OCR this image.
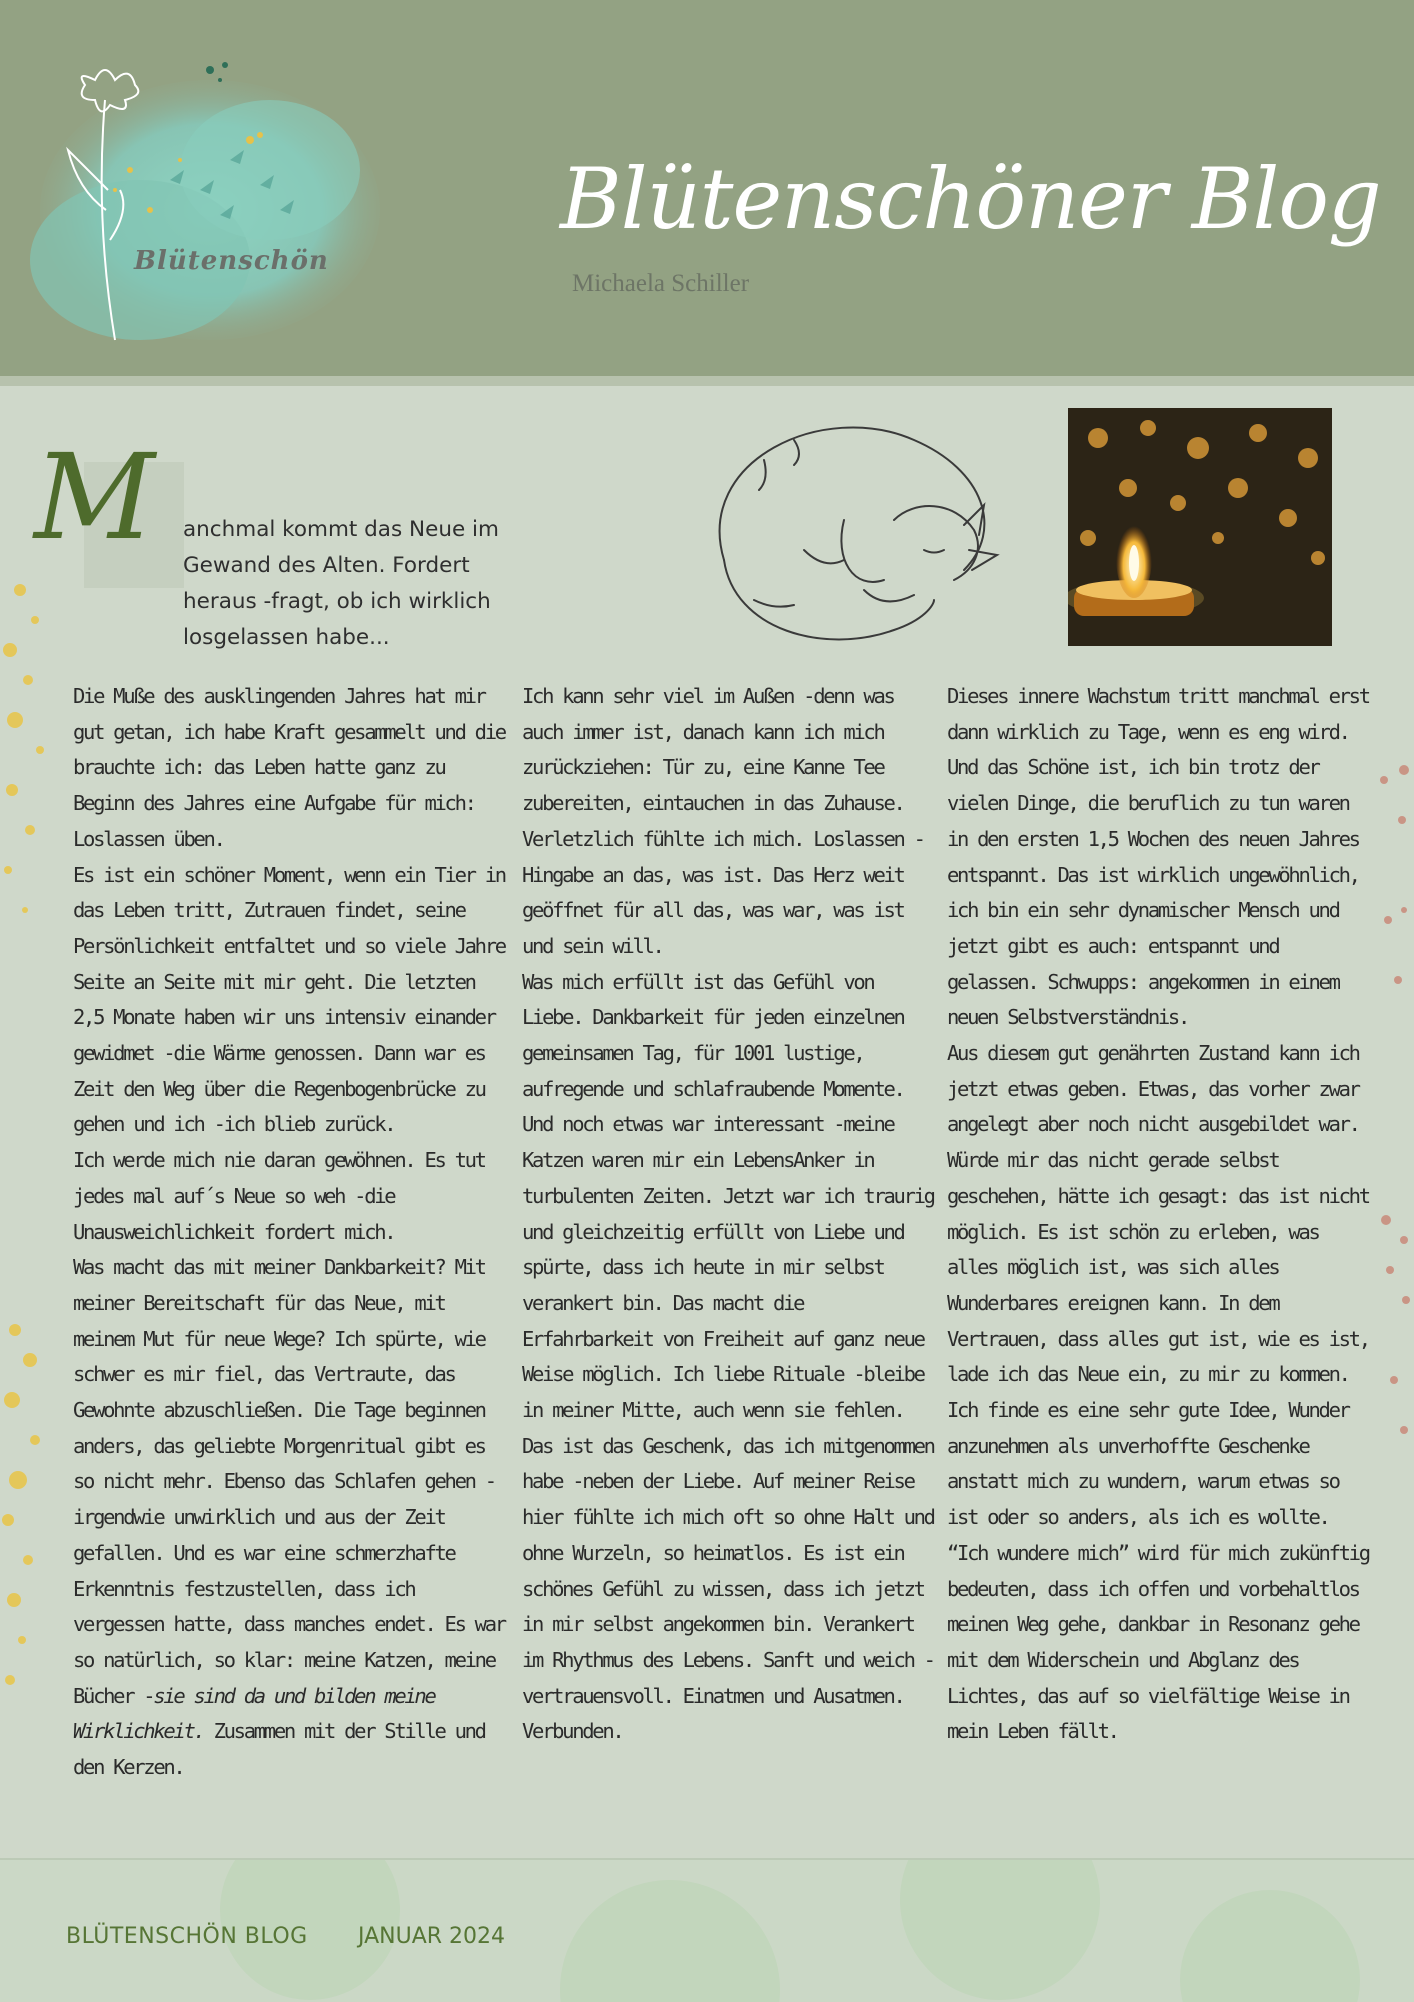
Blütenschön
Blütenschöner Blog
Michaela Schiller
M anchmal kommt das Neue im Gewand des Alten. Fordert heraus -fragt, ob ich wirklich losgelassen habe...

Die Muße des ausklingenden Jahres hat mir gut getan, ich habe Kraft gesammelt und die brauchte ich: das Leben hatte ganz zu Beginn des Jahres eine Aufgabe für mich: Loslassen üben.

Es ist ein schöner Moment, wenn ein Tier in das Leben tritt, Zutrauen findet, seine Persönlichkeit entfaltet und so viele Jahre Seite an Seite mit mir geht. Die letzten 2,5 Monate haben wir uns intensiv einander gewidmet -die Wärme genossen. Dann war es Zeit den Weg über die Regenbogenbrücke zu gehen und ich -ich blieb zurück.

Ich werde mich nie daran gewöhnen. Es tut jedes mal auf´s Neue so weh -die Unausweichlichkeit fordert mich.

Was macht das mit meiner Dankbarkeit? Mit meiner Bereitschaft für das Neue, mit meinem Mut für neue Wege? Ich spürte, wie schwer es mir fiel, das Vertraute, das Gewohnte abzuschließen. Die Tage beginnen anders, das geliebte Morgenritual gibt es so nicht mehr. Ebenso das Schlafen gehen -irgendwie unwirklich und aus der Zeit gefallen. Und es war eine schmerzhafte Erkenntnis festzustellen, dass ich vergessen hatte, dass manches endet. Es war so natürlich, so klar: meine Katzen, meine Bücher -sie sind da und bilden meine Wirklichkeit. Zusammen mit der Stille und den Kerzen.

Ich kann sehr viel im Außen -denn was auch immer ist, danach kann ich mich zurückziehen: Tür zu, eine Kanne Tee zubereiten, eintauchen in das Zuhause. Verletzlich fühlte ich mich. Loslassen -Hingabe an das, was ist. Das Herz weit geöffnet für all das, was war, was ist und sein will.

Was mich erfüllt ist das Gefühl von Liebe. Dankbarkeit für jeden einzelnen gemeinsamen Tag, für 1001 lustige, aufregende und schlafraubende Momente. Und noch etwas war interessant -meine Katzen waren mir ein LebensAnker in turbulenten Zeiten. Jetzt war ich traurig und gleichzeitig erfüllt von Liebe und spürte, dass ich heute in mir selbst verankert bin. Das macht die Erfahrbarkeit von Freiheit auf ganz neue Weise möglich. Ich liebe Rituale -bleibe in meiner Mitte, auch wenn sie fehlen. Das ist das Geschenk, das ich mitgenommen habe -neben der Liebe. Auf meiner Reise hier fühlte ich mich oft so ohne Halt und ohne Wurzeln, so heimatlos. Es ist ein schönes Gefühl zu wissen, dass ich jetzt in mir selbst angekommen bin. Verankert im Rhythmus des Lebens. Sanft und weich -vertrauensvoll. Einatmen und Ausatmen. Verbunden.

Dieses innere Wachstum tritt manchmal erst dann wirklich zu Tage, wenn es eng wird. Und das Schöne ist, ich bin trotz der vielen Dinge, die beruflich zu tun waren in den ersten 1,5 Wochen des neuen Jahres entspannt. Das ist wirklich ungewöhnlich, ich bin ein sehr dynamischer Mensch und jetzt gibt es auch: entspannt und gelassen. Schwupps: angekommen in einem neuen Selbstverständnis.

Aus diesem gut genährten Zustand kann ich jetzt etwas geben. Etwas, das vorher zwar angelegt aber noch nicht ausgebildet war. Würde mir das nicht gerade selbst geschehen, hätte ich gesagt: das ist nicht möglich. Es ist schön zu erleben, was alles möglich ist, was sich alles Wunderbares ereignen kann. In dem Vertrauen, dass alles gut ist, wie es ist, lade ich das Neue ein, zu mir zu kommen. Ich finde es eine sehr gute Idee, Wunder anzunehmen als unverhoffte Geschenke anstatt mich zu wundern, warum etwas so ist oder so anders, als ich es wollte. “Ich wundere mich” wird für mich zukünftig bedeuten, dass ich offen und vorbehaltlos meinen Weg gehe, dankbar in Resonanz gehe mit dem Widerschein und Abglanz des Lichtes, das auf so vielfältige Weise in mein Leben fällt.

BLÜTENSCHÖN BLOG JANUAR 2024
